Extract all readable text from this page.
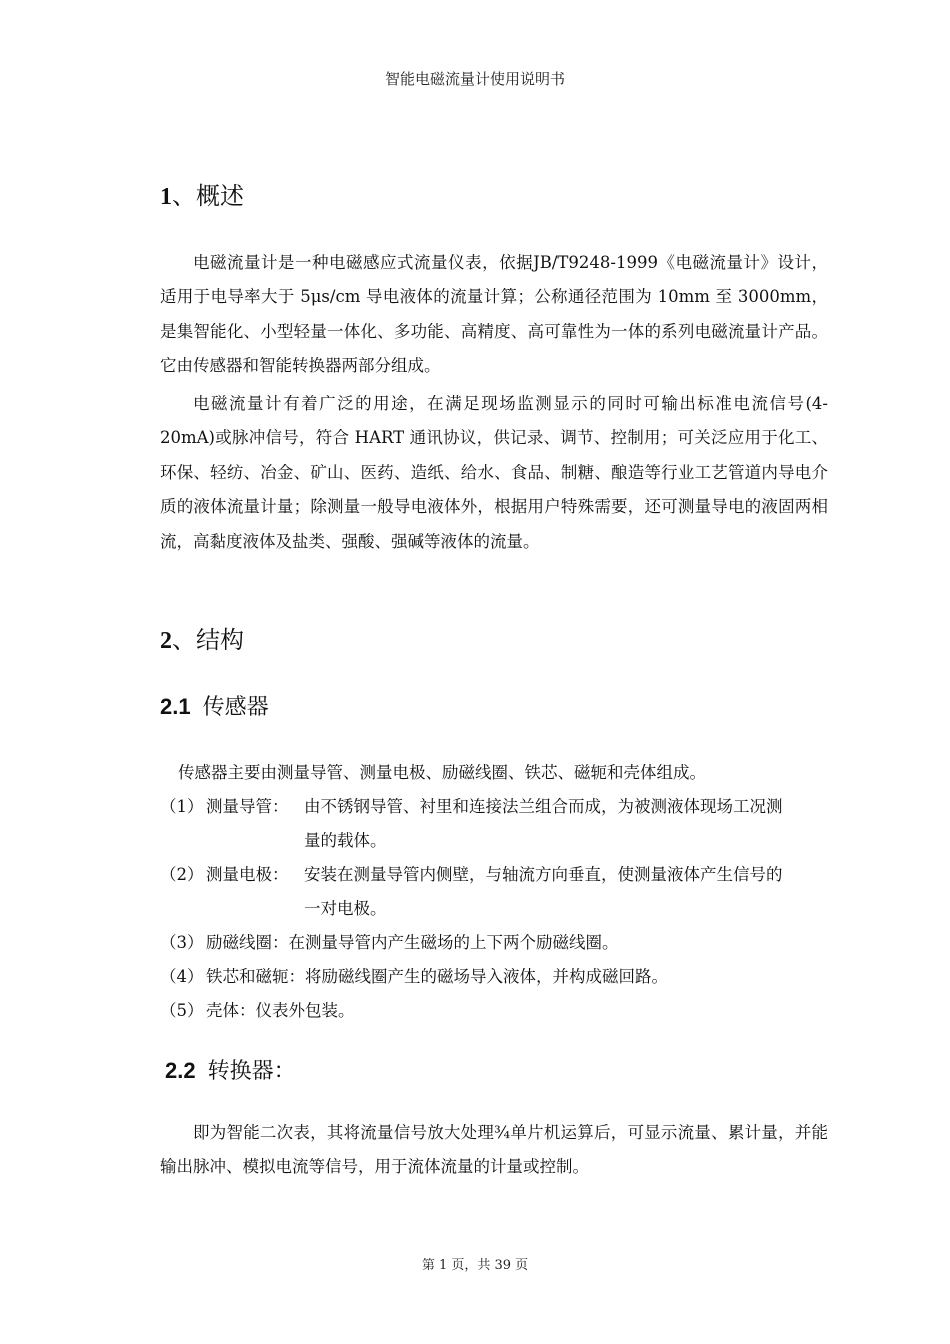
智能电磁流量计使用说明书
1、概述

电磁流量计是一种电磁感应式流量仪表，依据JB/T9248-1999《电磁流量计》设计，适用于电导率大于 5μs/cm 导电液体的流量计算；公称通径范围为 10mm 至 3000mm，是集智能化、小型轻量一体化、多功能、高精度、高可靠性为一体的系列电磁流量计产品。它由传感器和智能转换器两部分组成。

电磁流量计有着广泛的用途，在满足现场监测显示的同时可输出标准电流信号(4-20mA)或脉冲信号，符合 HART 通讯协议，供记录、调节、控制用；可关泛应用于化工、环保、轻纺、冶金、矿山、医药、造纸、给水、食品、制糖、酿造等行业工艺管道内导电介质的液体流量计量；除测量一般导电液体外，根据用户特殊需要，还可测量导电的液固两相流，高黏度液体及盐类、强酸、强碱等液体的流量。

2、结构
2.1 传感器

传感器主要由测量导管、测量电极、励磁线圈、铁芯、磁轭和壳体组成。

（1） 测量导管： 由不锈钢导管、衬里和连接法兰组合而成，为被测液体现场工况测量的载体。
（2） 测量电极： 安装在测量导管内侧壁，与轴流方向垂直，使测量液体产生信号的一对电极。
（3） 励磁线圈： 在测量导管内产生磁场的上下两个励磁线圈。
（4） 铁芯和磁轭： 将励磁线圈产生的磁场导入液体，并构成磁回路。
（5） 壳体： 仪表外包装。
2.2 转换器：

即为智能二次表，其将流量信号放大处理¾单片机运算后，可显示流量、累计量，并能输出脉冲、模拟电流等信号，用于流体流量的计量或控制。

第 1 页，共 39 页
